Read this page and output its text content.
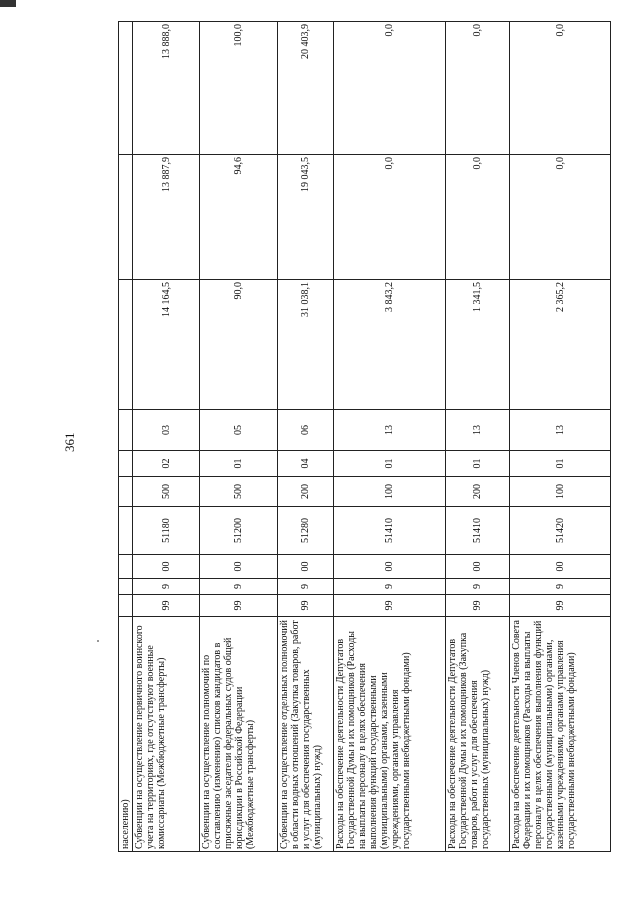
361
населению)										
Субвенции на осуществление первичного воинского учета на территориях, где отсутствуют военные комиссариаты (Межбюджетные трансферты)	99	9	00	51180	500	02	03	14 164,5	13 887,9	13 888,0
Субвенции на осуществление полномочий по составлению (изменению) списков кандидатов в присяжные заседатели федеральных судов общей юрисдикции в Российской Федерации (Межбюджетные трансферты)	99	9	00	51200	500	01	05	90,0	94,6	100,0
Субвенции на осуществление отдельных полномочий в области водных отношений (Закупка товаров, работ и услуг для обеспечения государственных (муниципальных) нужд)	99	9	00	51280	200	04	06	31 038,1	19 043,5	20 403,9
Расходы на обеспечение деятельности Депутатов Государственной Думы и их помощников (Расходы на выплаты персоналу в целях обеспечения выполнения функций государственными (муниципальными) органами, казенными учреждениями, органами управления государственными внебюджетными фондами)	99	9	00	51410	100	01	13	3 843,2	0,0	0,0
Расходы на обеспечение деятельности Депутатов Государственной Думы и их помощников (Закупка товаров, работ и услуг для обеспечения государственных (муниципальных) нужд)	99	9	00	51410	200	01	13	1 341,5	0,0	0,0
Расходы на обеспечение деятельности Членов Совета Федерации и их помощников (Расходы на выплаты персоналу в целях обеспечения выполнения функций государственными (муниципальными) органами, казенными учреждениями, органами управления государственными внебюджетными фондами)	99	9	00	51420	100	01	13	2 365,2	0,0	0,0
